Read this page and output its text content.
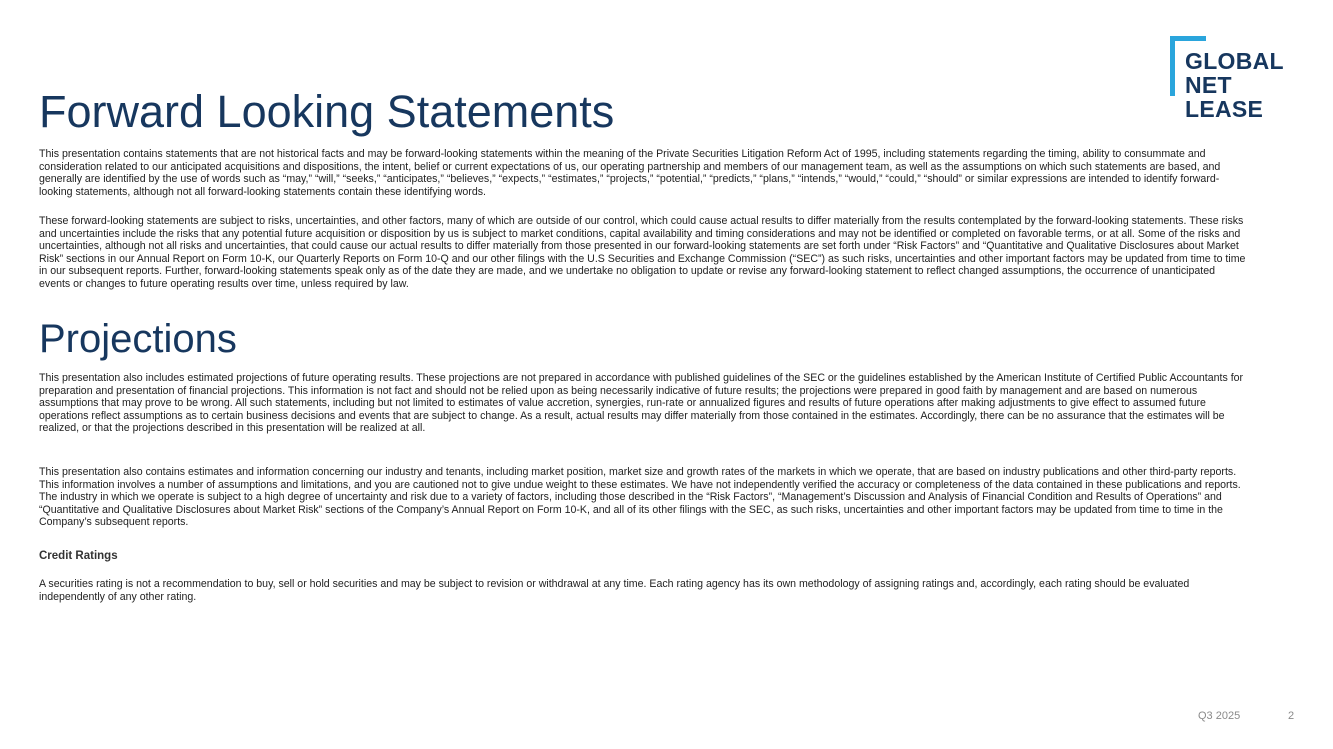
GLOBAL
NET
LEASE
Forward Looking Statements

This presentation contains statements that are not historical facts and may be forward-looking statements within the meaning of the Private Securities Litigation Reform Act of 1995, including statements regarding the timing, ability to consummate and consideration related to our anticipated acquisitions and dispositions, the intent, belief or current expectations of us, our operating partnership and members of our management team, as well as the assumptions on which such statements are based, and generally are identified by the use of words such as “may,” “will,” “seeks,” “anticipates,” “believes,” “expects,” “estimates,” “projects,” “potential,” “predicts,” “plans,” “intends,” “would,” “could,” “should” or similar expressions are intended to identify forward-looking statements, although not all forward-looking statements contain these identifying words.

These forward-looking statements are subject to risks, uncertainties, and other factors, many of which are outside of our control, which could cause actual results to differ materially from the results contemplated by the forward-looking statements. These risks and uncertainties include the risks that any potential future acquisition or disposition by us is subject to market conditions, capital availability and timing considerations and may not be identified or completed on favorable terms, or at all. Some of the risks and uncertainties, although not all risks and uncertainties, that could cause our actual results to differ materially from those presented in our forward-looking statements are set forth under “Risk Factors” and “Quantitative and Qualitative Disclosures about Market Risk” sections in our Annual Report on Form 10-K, our Quarterly Reports on Form 10-Q and our other filings with the U.S Securities and Exchange Commission (“SEC”) as such risks, uncertainties and other important factors may be updated from time to time in our subsequent reports. Further, forward-looking statements speak only as of the date they are made, and we undertake no obligation to update or revise any forward-looking statement to reflect changed assumptions, the occurrence of unanticipated events or changes to future operating results over time, unless required by law.

Projections

This presentation also includes estimated projections of future operating results. These projections are not prepared in accordance with published guidelines of the SEC or the guidelines established by the American Institute of Certified Public Accountants for preparation and presentation of financial projections. This information is not fact and should not be relied upon as being necessarily indicative of future results; the projections were prepared in good faith by management and are based on numerous assumptions that may prove to be wrong. All such statements, including but not limited to estimates of value accretion, synergies, run-rate or annualized figures and results of future operations after making adjustments to give effect to assumed future operations reflect assumptions as to certain business decisions and events that are subject to change. As a result, actual results may differ materially from those contained in the estimates. Accordingly, there can be no assurance that the estimates will be realized, or that the projections described in this presentation will be realized at all.

This presentation also contains estimates and information concerning our industry and tenants, including market position, market size and growth rates of the markets in which we operate, that are based on industry publications and other third-party reports. This information involves a number of assumptions and limitations, and you are cautioned not to give undue weight to these estimates. We have not independently verified the accuracy or completeness of the data contained in these publications and reports. The industry in which we operate is subject to a high degree of uncertainty and risk due to a variety of factors, including those described in the “Risk Factors”, “Management’s Discussion and Analysis of Financial Condition and Results of Operations” and “Quantitative and Qualitative Disclosures about Market Risk” sections of the Company’s Annual Report on Form 10-K, and all of its other filings with the SEC, as such risks, uncertainties and other important factors may be updated from time to time in the Company’s subsequent reports.

Credit Ratings

A securities rating is not a recommendation to buy, sell or hold securities and may be subject to revision or withdrawal at any time. Each rating agency has its own methodology of assigning ratings and, accordingly, each rating should be evaluated independently of any other rating.

Q3 2025	2
